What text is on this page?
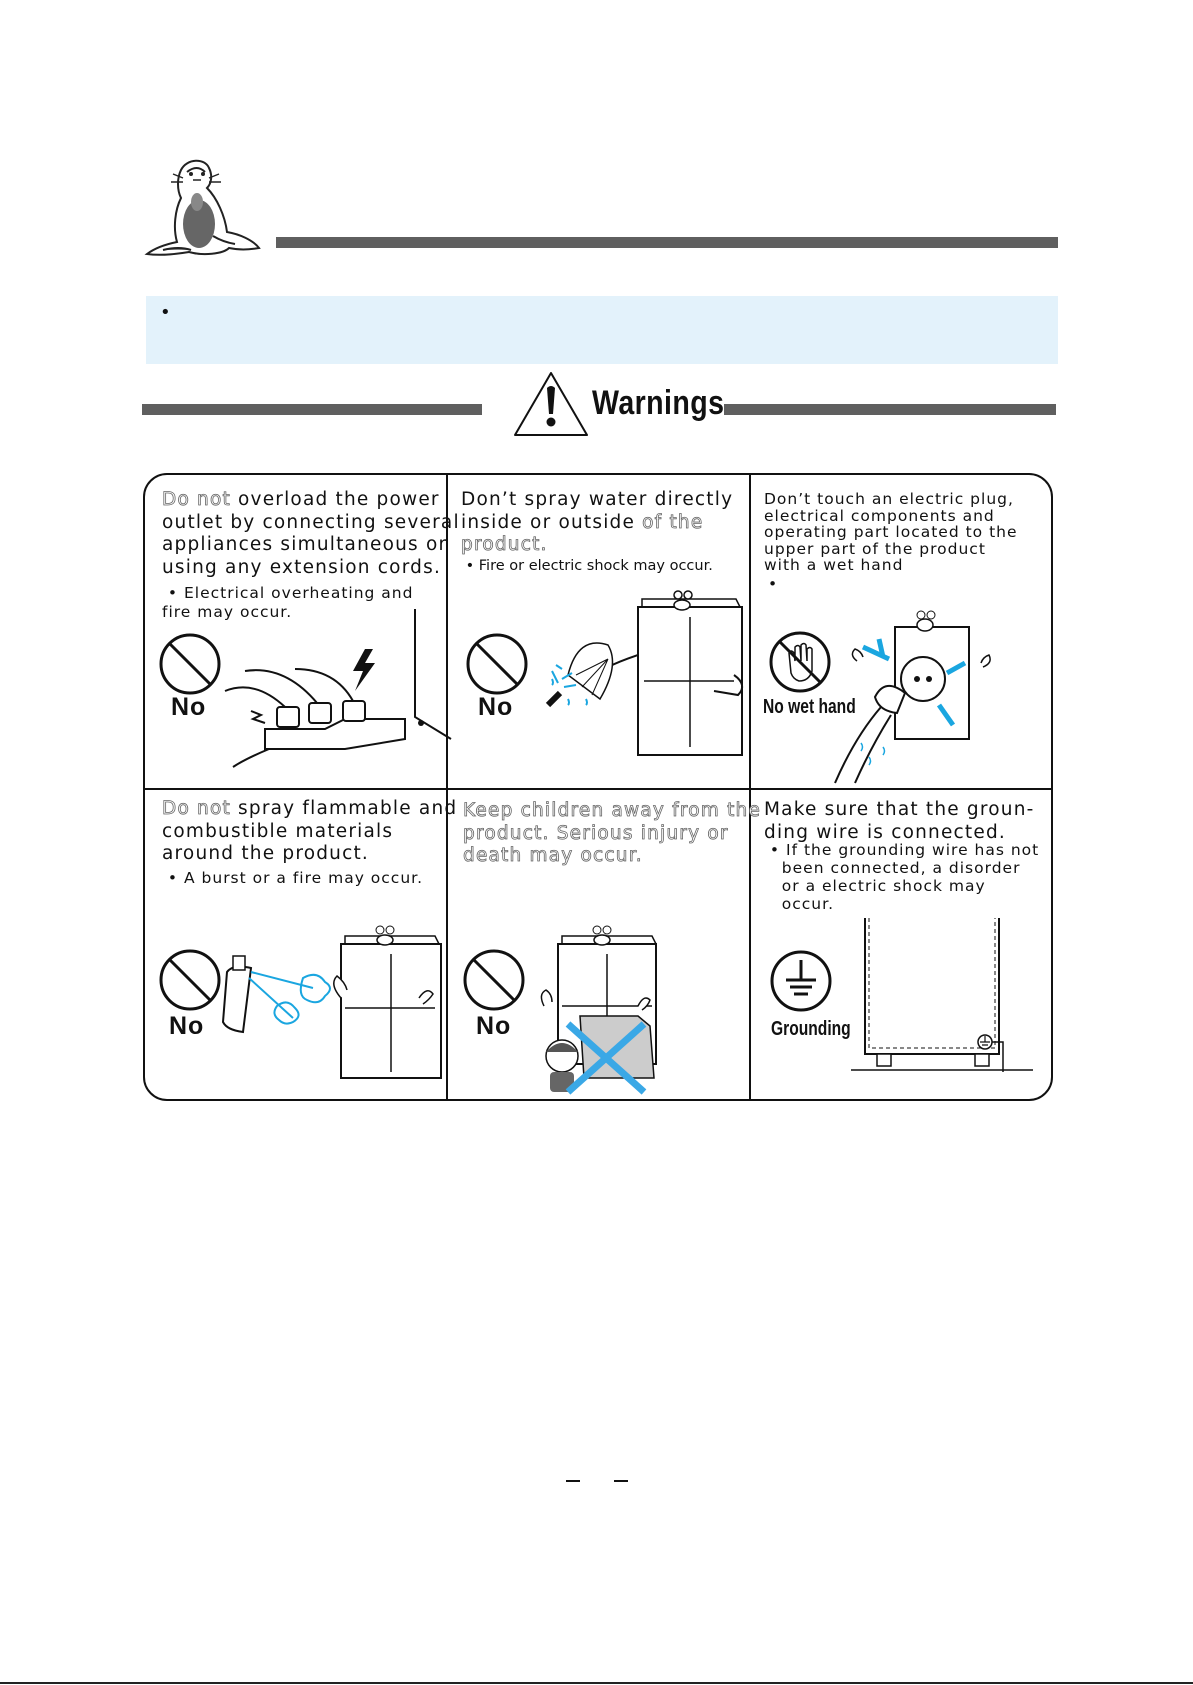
•
Warnings
Do not overload the power
outlet by connecting several
appliances simultaneous or
using any extension cords.
• Electrical overheating and
fire may occur.
No
Don’t spray water directly
inside or outside of the
product.
• Fire or electric shock may occur.
No
Don’t touch an electric plug,
electrical components and
operating part located to the
upper part of the product
with a wet hand
•
No wet hand
Do not spray flammable and
combustible materials
around the product.
• A burst or a fire may occur.
No
Keep children away from the
product. Serious injury or
death may occur.
No
Make sure that the groun-
ding wire is connected.
• If the grounding wire has not
been connected, a disorder
or a electric shock may
occur.
Grounding
